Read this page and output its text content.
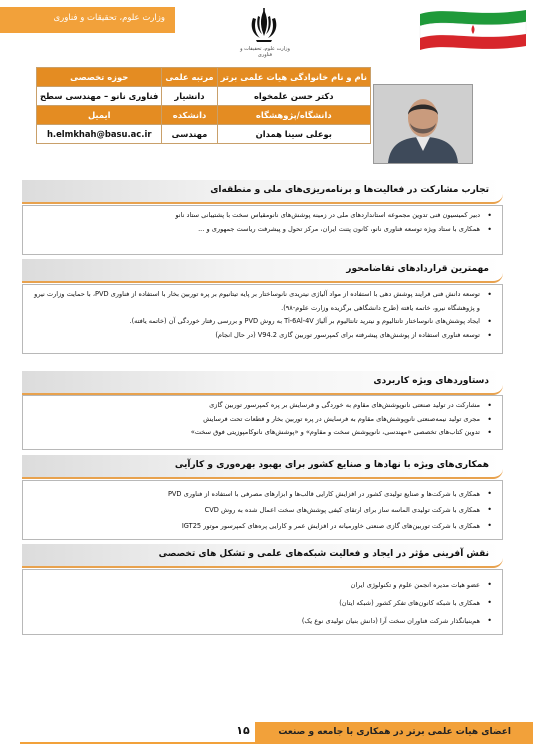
وزارت علوم، تحقیقات و فناوری
وزارت علوم، تحقیقات و فناوری
نام و نام خانوادگی هیات علمی برتر	مرتبه علمی	حوزه تخصصی
دکتر حسن علمخواه	دانشیار	فناوری نانو – مهندسی سطح
دانشگاه/پژوهشگاه	دانشکده	ایمیل
بوعلی سینا همدان	مهندسی	h.elmkhah@basu.ac.ir
تجارب مشارکت در فعالیت‌ها و برنامه‌ریزی‌های ملی و منطقه‌ای
• دبیر کمیسیون فنی تدوین مجموعه استانداردهای ملی در زمینه پوشش‌های نانومقیاس سخت با پشتیبانی ستاد نانو
• همکاری با ستاد ویژه توسعه فناوری نانو، کانون پتنت ایران، مرکز تحول و پیشرفت ریاست جمهوری و ...
مهمترین قراردادهای تقاضامحور
• توسعه دانش فنی فرایند پوشش دهی با استفاده از مواد آلیاژی نیتریدی نانوساختار بر پایه تیتانیوم بر پره توربین بخار با استفاده از فناوری PVD، با حمایت وزارت نیرو و پژوهشگاه نیرو، خاتمه یافته (طرح دانشگاهی برگزیده وزارت علوم-۹۸).
• ایجاد پوشش‌های نانوساختار تانتالیوم و نیترید تانتالیوم بر آلیاژ Ti-6Al-4V به روش PVD و بررسی رفتار خوردگی آن (خاتمه یافته).
• توسعه فناوری استفاده از پوشش‌های پیشرفته برای کمپرسور توربین گازی V94.2 (در حال انجام)
دستاوردهای ویژه کاربردی
• مشارکت در تولید صنعتی نانوپوشش‌های مقاوم به خوردگی و فرسایش بر پره کمپرسور توربین گازی
• مجری تولید نیمه‌صنعتی نانوپوشش‌های مقاوم به فرسایش در پره توربین بخار و قطعات تحت فرسایش
• تدوین کتاب‌های تخصصی «مهندسی، نانوپوشش سخت و مقاوم» و «پوشش‌های نانوکامپوزیتی فوق سخت»
همکاری‌های ویژه با نهادها و صنایع کشور برای بهبود بهره‌وری و کارآیی
• همکاری با شرکت‌ها و صنایع تولیدی کشور در افزایش کارایی قالب‌ها و ابزارهای مصرفی با استفاده از فناوری PVD
• همکاری با شرکت تولیدی الماسه ساز برای ارتقای کیفی پوشش‌های سخت اعمال شده به روش CVD
• همکاری با شرکت توربین‌های گازی صنعتی خاورمیانه در افزایش عمر و کارایی پره‌های کمپرسور موتور IGT25
نقش آفرینی مؤثر در ایجاد و فعالیت شبکه‌های علمی و تشکل های تخصصی
• عضو هیات مدیره انجمن علوم و تکنولوژی ایران
• همکاری با شبکه کانون‌های تفکر کشور (شبکه ایتان)
• هم‌بنیانگذار شرکت فناوران سخت آرا (دانش بنیان تولیدی نوع یک)
۱۵	اعضای هیات علمی برتر در همکاری با جامعه و صنعت
